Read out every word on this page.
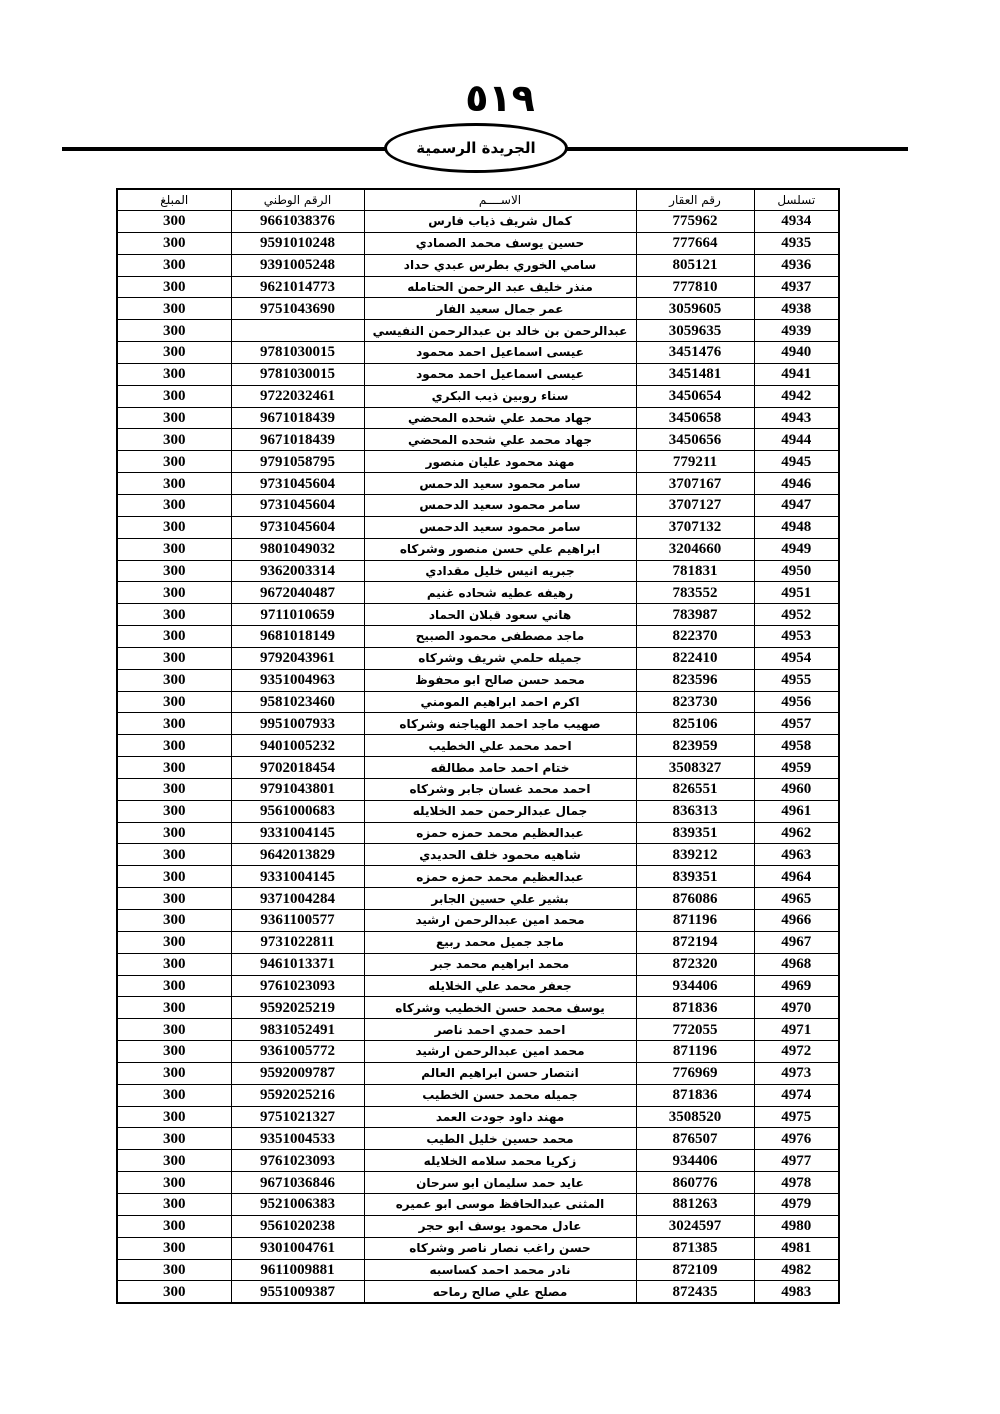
٥١٩
الجريدة الرسمية
تسلسل	رقم العقار	الاســــم	الرقم الوطني	المبلغ
4934	775962	كمال شريف ذياب فارس	9661038376	300
4935	777664	حسين يوسف محمد الصمادي	9591010248	300
4936	805121	سامي الخوري بطرس عبدي حداد	9391005248	300
4937	777810	منذر خليف عبد الرحمن الحتامله	9621014773	300
4938	3059605	عمر جمال سعيد الفار	9751043690	300
4939	3059635	عبدالرحمن بن خالد بن عبدالرحمن النفيسي		300
4940	3451476	عيسى اسماعيل احمد محمود	9781030015	300
4941	3451481	عيسى اسماعيل احمد محمود	9781030015	300
4942	3450654	سناء روبين ذيب البكري	9722032461	300
4943	3450658	جهاد محمد علي شحده المحضي	9671018439	300
4944	3450656	جهاد محمد علي شحده المحضي	9671018439	300
4945	779211	مهند محمود عليان منصور	9791058795	300
4946	3707167	سامر محمود سعيد الدحمس	9731045604	300
4947	3707127	سامر محمود سعيد الدحمس	9731045604	300
4948	3707132	سامر محمود سعيد الدحمس	9731045604	300
4949	3204660	ابراهيم علي حسن منصور وشركاه	9801049032	300
4950	781831	جبريه انيس خليل مقدادي	9362003314	300
4951	783552	رهيفه عطيه شحاده غنيم	9672040487	300
4952	783987	هاني سعود قبلان الحماد	9711010659	300
4953	822370	ماجد مصطفى محمود الصبيح	9681018149	300
4954	822410	جميله حلمي شريف وشركاه	9792043961	300
4955	823596	محمد حسن صالح ابو محفوظ	9351004963	300
4956	823730	اكرم احمد ابراهيم المومني	9581023460	300
4957	825106	صهيب ماجد احمد الهياجنه وشركاه	9951007933	300
4958	823959	احمد محمد علي الخطيب	9401005232	300
4959	3508327	ختام احمد حامد مطالقه	9702018454	300
4960	826551	احمد محمد غسان جابر وشركاه	9791043801	300
4961	836313	جمال عبدالرحمن حمد الخلايله	9561000683	300
4962	839351	عبدالعظيم محمد حمزه حمزه	9331004145	300
4963	839212	شاهيه محمود خلف الحديدي	9642013829	300
4964	839351	عبدالعظيم محمد حمزه حمزه	9331004145	300
4965	876086	بشير علي حسين الجابر	9371004284	300
4966	871196	محمد امين عبدالرحمن ارشيد	9361100577	300
4967	872194	ماجد جميل محمد ربيع	9731022811	300
4968	872320	محمد ابراهيم محمد جبر	9461013371	300
4969	934406	جعفر محمد علي الخلايله	9761023093	300
4970	871836	يوسف محمد حسن الخطيب وشركاه	9592025219	300
4971	772055	احمد حمدي احمد ناصر	9831052491	300
4972	871196	محمد امين عبدالرحمن ارشيد	9361005772	300
4973	776969	انتصار حسن ابراهيم العالم	9592009787	300
4974	871836	جميله محمد حسن الخطيب	9592025216	300
4975	3508520	مهند داود جودت العمد	9751021327	300
4976	876507	محمد حسين خليل الطيب	9351004533	300
4977	934406	زكريا محمد سلامه الخلايله	9761023093	300
4978	860776	عايد حمد سليمان ابو سرحان	9671036846	300
4979	881263	المثنى عبدالحافظ موسى ابو عميره	9521006383	300
4980	3024597	عادل محمود يوسف ابو حجر	9561020238	300
4981	871385	حسن راغب نصار ناصر وشركاه	9301004761	300
4982	872109	نادر محمد احمد كساسبه	9611009881	300
4983	872435	مصلح علي صالح رماحه	9551009387	300
